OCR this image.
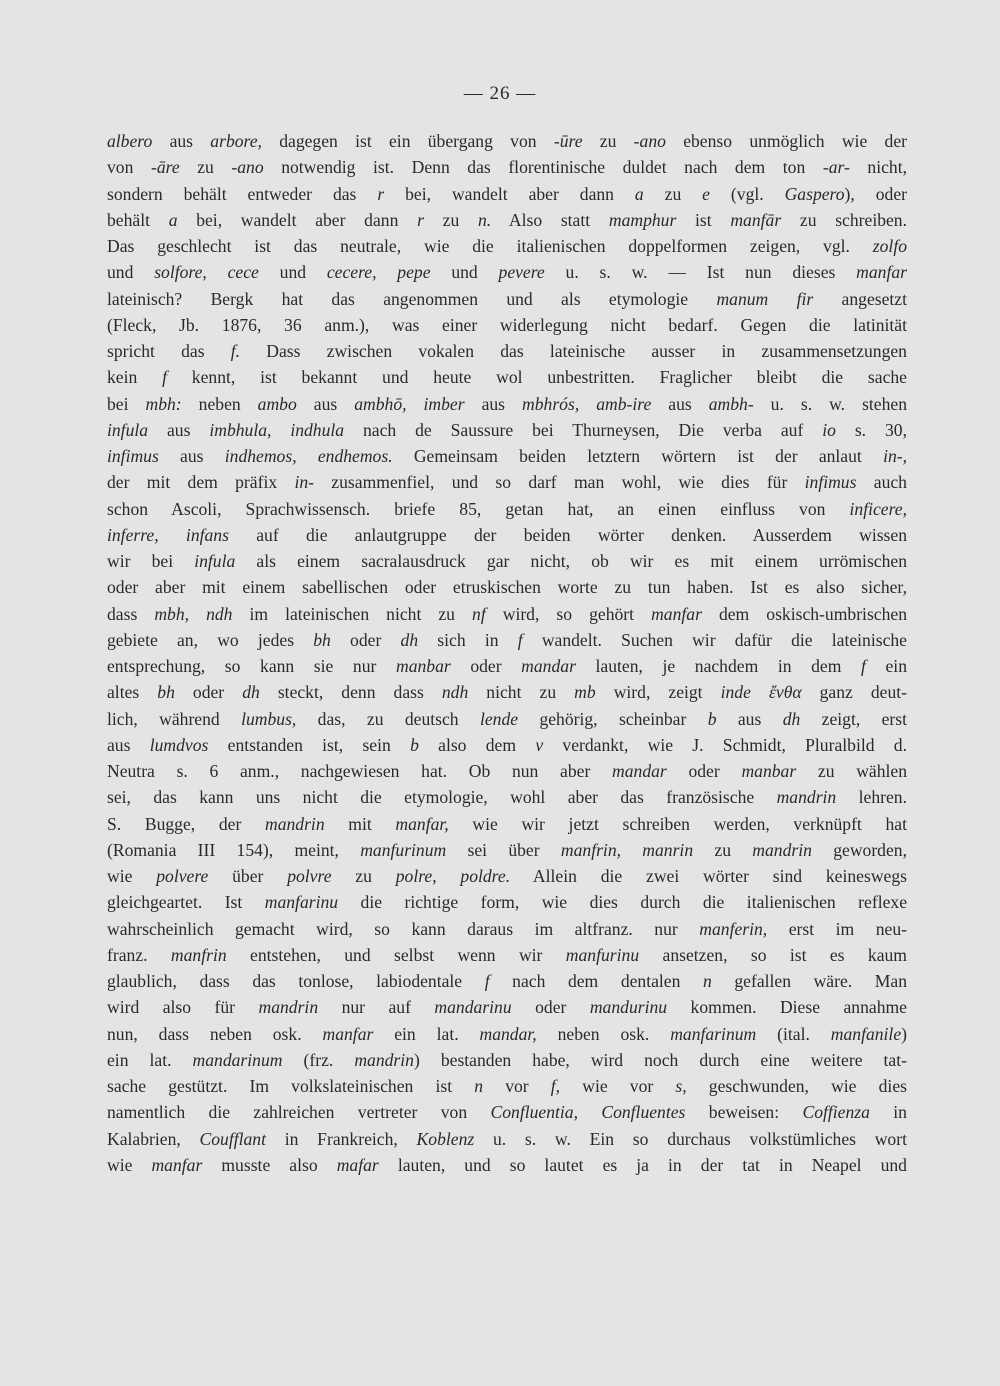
— 26 —
albero aus arbore, dagegen ist ein übergang von -ūre zu -ano ebenso unmöglich wie der
von -āre zu -ano notwendig ist. Denn das florentinische duldet nach dem ton -ar- nicht,
sondern behält entweder das r bei, wandelt aber dann a zu e (vgl. Gaspero), oder
behält a bei, wandelt aber dann r zu n. Also statt mamphur ist manfār zu schreiben.
Das geschlecht ist das neutrale, wie die italienischen doppelformen zeigen, vgl. zolfo
und solfore, cece und cecere, pepe und pevere u. s. w. — Ist nun dieses manfar
lateinisch? Bergk hat das angenommen und als etymologie manum fir angesetzt
(Fleck, Jb. 1876, 36 anm.), was einer widerlegung nicht bedarf. Gegen die latinität
spricht das f. Dass zwischen vokalen das lateinische ausser in zusammensetzungen
kein f kennt, ist bekannt und heute wol unbestritten. Fraglicher bleibt die sache
bei mbh: neben ambo aus ambhō, imber aus mbhrós, amb-ire aus ambh- u. s. w. stehen
infula aus imbhula, indhula nach de Saussure bei Thurneysen, Die verba auf io s. 30,
infimus aus indhemos, endhemos. Gemeinsam beiden letztern wörtern ist der anlaut in-,
der mit dem präfix in- zusammenfiel, und so darf man wohl, wie dies für infimus auch
schon Ascoli, Sprachwissensch. briefe 85, getan hat, an einen einfluss von inficere,
inferre, infans auf die anlautgruppe der beiden wörter denken. Ausserdem wissen
wir bei infula als einem sacralausdruck gar nicht, ob wir es mit einem urrömischen
oder aber mit einem sabellischen oder etruskischen worte zu tun haben. Ist es also sicher,
dass mbh, ndh im lateinischen nicht zu nf wird, so gehört manfar dem oskisch-umbrischen
gebiete an, wo jedes bh oder dh sich in f wandelt. Suchen wir dafür die lateinische
entsprechung, so kann sie nur manbar oder mandar lauten, je nachdem in dem f ein
altes bh oder dh steckt, denn dass ndh nicht zu mb wird, zeigt inde ἔνθα ganz deut-
lich, während lumbus, das, zu deutsch lende gehörig, scheinbar b aus dh zeigt, erst
aus lumdvos entstanden ist, sein b also dem v verdankt, wie J. Schmidt, Pluralbild d.
Neutra s. 6 anm., nachgewiesen hat. Ob nun aber mandar oder manbar zu wählen
sei, das kann uns nicht die etymologie, wohl aber das französische mandrin lehren.
S. Bugge, der mandrin mit manfar, wie wir jetzt schreiben werden, verknüpft hat
(Romania III 154), meint, manfurinum sei über manfrin, manrin zu mandrin geworden,
wie polvere über polvre zu polre, poldre. Allein die zwei wörter sind keineswegs
gleichgeartet. Ist manfarinu die richtige form, wie dies durch die italienischen reflexe
wahrscheinlich gemacht wird, so kann daraus im altfranz. nur manferin, erst im neu-
franz. manfrin entstehen, und selbst wenn wir manfurinu ansetzen, so ist es kaum
glaublich, dass das tonlose, labiodentale f nach dem dentalen n gefallen wäre. Man
wird also für mandrin nur auf mandarinu oder mandurinu kommen. Diese annahme
nun, dass neben osk. manfar ein lat. mandar, neben osk. manfarinum (ital. manfanile)
ein lat. mandarinum (frz. mandrin) bestanden habe, wird noch durch eine weitere tat-
sache gestützt. Im volkslateinischen ist n vor f, wie vor s, geschwunden, wie dies
namentlich die zahlreichen vertreter von Confluentia, Confluentes beweisen: Coffienza in
Kalabrien, Coufflant in Frankreich, Koblenz u. s. w. Ein so durchaus volkstümliches wort
wie manfar musste also mafar lauten, und so lautet es ja in der tat in Neapel und
